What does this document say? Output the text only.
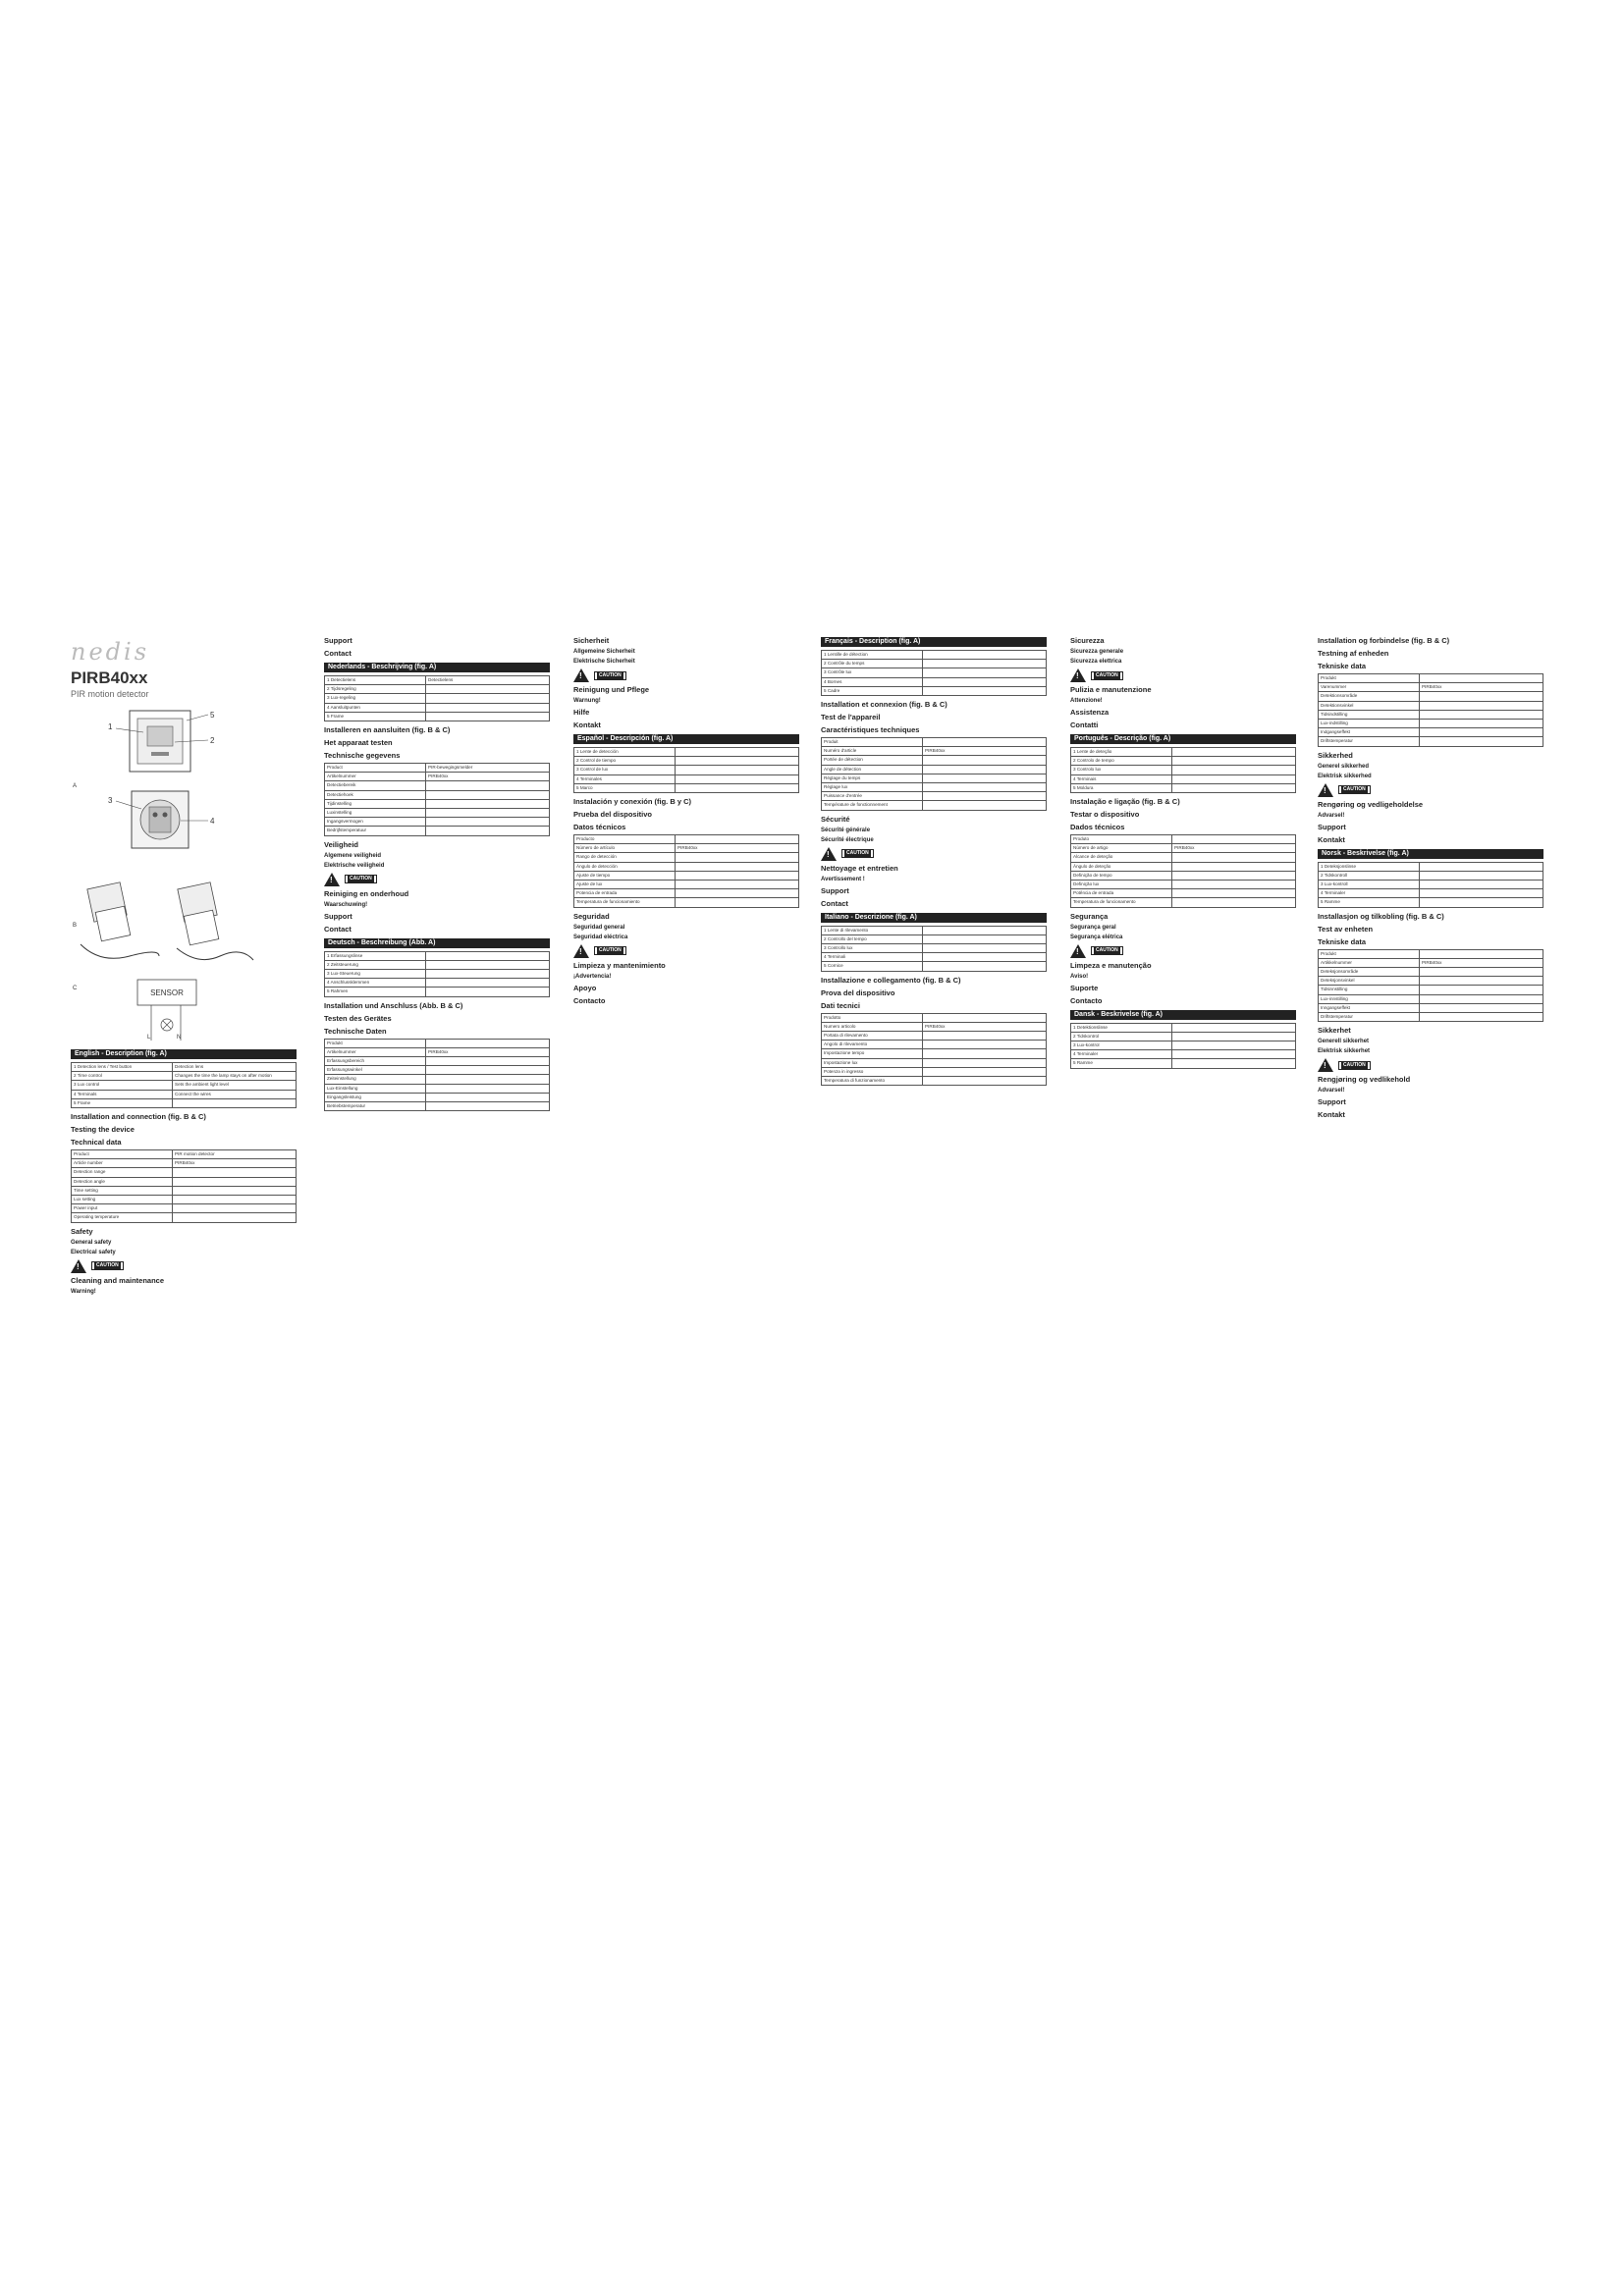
nedis
PIRB40xx
PIR motion detector
SENSOR
L	N
1
5
2
3
4
A
B
C
English - Description (fig. A)
1 Detection lens / Test button	Detection lens
2 Time control	Changes the time the lamp stays on after motion
3 Lux control	Sets the ambient light level
4 Terminals	Connect the wires
5 Frame	
Installation and connection (fig. B & C)
Testing the device
Technical data
Product	PIR motion detector
Article number	PIRB40xx
Detection range	
Detection angle	
Time setting	
Lux setting	
Power input	
Operating temperature	
Safety
General safety
Electrical safety
!	CAUTION
Cleaning and maintenance
Warning!
Support
Contact
Nederlands - Beschrijving (fig. A)
1 Detectielens	Detectielens
2 Tijdsregeling	
3 Lux-regeling	
4 Aansluitpunten	
5 Frame	
Installeren en aansluiten (fig. B & C)
Het apparaat testen
Technische gegevens
Product	PIR-bewegingsmelder
Artikelnummer	PIRB40xx
Detectiebereik	
Detectiehoek	
Tijdinstelling	
Luxinstelling	
Ingangsvermogen	
Bedrijfstemperatuur	
Veiligheid
Algemene veiligheid
Elektrische veiligheid
!	CAUTION
Reiniging en onderhoud
Waarschuwing!
Support
Contact
Deutsch - Beschreibung (Abb. A)
1 Erfassungslinse	
2 Zeitsteuerung	
3 Lux-Steuerung	
4 Anschlussklemmen	
5 Rahmen	
Installation und Anschluss (Abb. B & C)
Testen des Gerätes
Technische Daten
Produkt	
Artikelnummer	PIRB40xx
Erfassungsbereich	
Erfassungswinkel	
Zeiteinstellung	
Lux-Einstellung	
Eingangsleistung	
Betriebstemperatur	
Sicherheit
Allgemeine Sicherheit
Elektrische Sicherheit
!	CAUTION
Reinigung und Pflege
Warnung!
Hilfe
Kontakt
Español - Descripción (fig. A)
1 Lente de detección	
2 Control de tiempo	
3 Control de lux	
4 Terminales	
5 Marco	
Instalación y conexión (fig. B y C)
Prueba del dispositivo
Datos técnicos
Producto	
Número de artículo	PIRB40xx
Rango de detección	
Ángulo de detección	
Ajuste de tiempo	
Ajuste de lux	
Potencia de entrada	
Temperatura de funcionamiento	
Seguridad
Seguridad general
Seguridad eléctrica
!	CAUTION
Limpieza y mantenimiento
¡Advertencia!
Apoyo
Contacto
Français - Description (fig. A)
1 Lentille de détection	
2 Contrôle du temps	
3 Contrôle lux	
4 Bornes	
5 Cadre	
Installation et connexion (fig. B & C)
Test de l'appareil
Caractéristiques techniques
Produit	
Numéro d'article	PIRB40xx
Portée de détection	
Angle de détection	
Réglage du temps	
Réglage lux	
Puissance d'entrée	
Température de fonctionnement	
Sécurité
Sécurité générale
Sécurité électrique
!	CAUTION
Nettoyage et entretien
Avertissement !
Support
Contact
Italiano - Descrizione (fig. A)
1 Lente di rilevamento	
2 Controllo del tempo	
3 Controllo lux	
4 Terminali	
5 Cornice	
Installazione e collegamento (fig. B & C)
Prova del dispositivo
Dati tecnici
Prodotto	
Numero articolo	PIRB40xx
Portata di rilevamento	
Angolo di rilevamento	
Impostazione tempo	
Impostazione lux	
Potenza in ingresso	
Temperatura di funzionamento	
Sicurezza
Sicurezza generale
Sicurezza elettrica
!	CAUTION
Pulizia e manutenzione
Attenzione!
Assistenza
Contatti
Português - Descrição (fig. A)
1 Lente de deteção	
2 Controlo de tempo	
3 Controlo lux	
4 Terminais	
5 Moldura	
Instalação e ligação (fig. B & C)
Testar o dispositivo
Dados técnicos
Produto	
Número de artigo	PIRB40xx
Alcance de deteção	
Ângulo de deteção	
Definição de tempo	
Definição lux	
Potência de entrada	
Temperatura de funcionamento	
Segurança
Segurança geral
Segurança elétrica
!	CAUTION
Limpeza e manutenção
Aviso!
Suporte
Contacto
Dansk - Beskrivelse (fig. A)
1 Detektionslinse	
2 Tidskontrol	
3 Lux-kontrol	
4 Terminaler	
5 Ramme	
Installation og forbindelse (fig. B & C)
Testning af enheden
Tekniske data
Produkt	
Varenummer	PIRB40xx
Detektionsområde	
Detektionsvinkel	
Tidsindstilling	
Lux-indstilling	
Indgangseffekt	
Driftstemperatur	
Sikkerhed
Generel sikkerhed
Elektrisk sikkerhed
!	CAUTION
Rengøring og vedligeholdelse
Advarsel!
Support
Kontakt
Norsk - Beskrivelse (fig. A)
1 Deteksjonslinse	
2 Tidskontroll	
3 Lux-kontroll	
4 Terminaler	
5 Ramme	
Installasjon og tilkobling (fig. B & C)
Test av enheten
Tekniske data
Produkt	
Artikkelnummer	PIRB40xx
Deteksjonsområde	
Deteksjonsvinkel	
Tidsinnstilling	
Lux-innstilling	
Inngangseffekt	
Driftstemperatur	
Sikkerhet
Generell sikkerhet
Elektrisk sikkerhet
!	CAUTION
Rengjøring og vedlikehold
Advarsel!
Support
Kontakt
